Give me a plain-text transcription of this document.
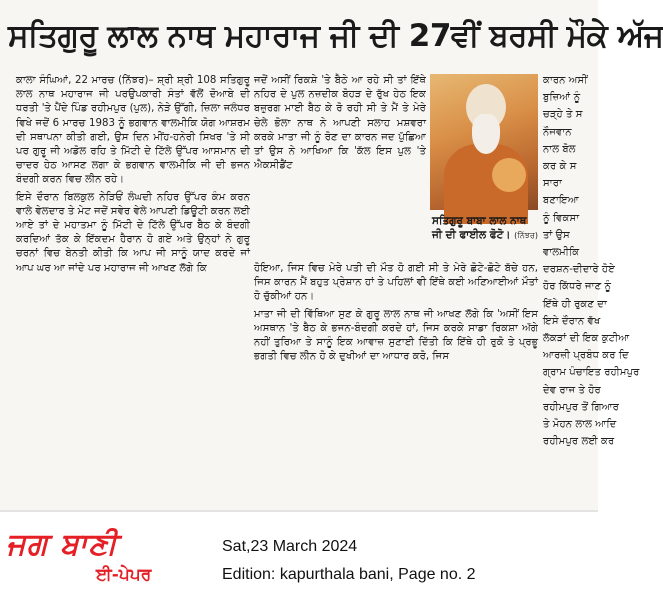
ਸਤਿਗੁਰੂ ਲਾਲ ਨਾਥ ਮਹਾਰਾਜ ਜੀ ਦੀ 27ਵੀਂ ਬਰਸੀ ਮੌਕੇ ਅੱਜ

ਕਾਲਾ ਸੰਘਿਆਂ, 22 ਮਾਰਚ (ਨਿੱਝਰ)– ਸ਼੍ਰੀ ਸ਼੍ਰੀ 108 ਸਤਿਗੁਰੂ ਲਾਲ ਨਾਥ ਮਹਾਰਾਜ ਜੀ ਪਰਉਪਕਾਰੀ ਸੰਤਾਂ ਵੱਲੋਂ ਦੋਆਬੇ ਦੀ ਧਰਤੀ 'ਤੇ ਪੈਂਦੇ ਪਿੰਡ ਰਹੀਮਪੁਰ (ਪੁਲ), ਨੇੜੇ ਉੱਗੀ, ਜ਼ਿਲਾ ਜਲੰਧਰ ਵਿਖੇ ਜਦੋਂ 6 ਮਾਰਚ 1983 ਨੂੰ ਭਗਵਾਨ ਵਾਲਮੀਕਿ ਯੋਗ ਆਸ਼ਰਮ ਦੀ ਸਥਾਪਨਾ ਕੀਤੀ ਗਈ, ਉਸ ਦਿਨ ਮੀਂਹ-ਹਨੇਰੀ ਸਿਖਰ 'ਤੇ ਸੀ ਪਰ ਗੁਰੂ ਜੀ ਅਡੋਲ ਰਹਿ ਤੇ ਮਿੱਟੀ ਦੇ ਟਿੱਲੇ ਉੱਪਰ ਆਸਮਾਨ ਦੀ ਚਾਦਰ ਹੇਠ ਆਸਣ ਲਗਾ ਕੇ ਭਗਵਾਨ ਵਾਲਮੀਕਿ ਜੀ ਦੀ ਭਜਨ ਬੰਦਗੀ ਕਰਨ ਵਿਚ ਲੀਨ ਰਹੇ।

ਇਸੇ ਦੌਰਾਨ ਬਿਲਕੁਲ ਨੇੜਿਓਂ ਲੰਘਦੀ ਨਹਿਰ ਉੱਪਰ ਕੰਮ ਕਰਨ ਵਾਲੇ ਵੇਲਦਾਰ ਤੇ ਮੇਟ ਜਦੋਂ ਸਵੇਰ ਵੇਲੇ ਆਪਣੀ ਡਿਊਟੀ ਕਰਨ ਲਈ ਆਏ ਤਾਂ ਦੇ ਮਹਾਤਮਾ ਨੂੰ ਮਿੱਟੀ ਦੇ ਟਿੱਲੇ ਉੱਪਰ ਬੈਠ ਕੇ ਬੰਦਗੀ ਕਰਦਿਆਂ ਤੱਕ ਕੇ ਇੱਕਦਮ ਹੈਰਾਨ ਹੋ ਗਏ ਅਤੇ ਉਨ੍ਹਾਂ ਨੇ ਗੁਰੂ ਚਰਨਾਂ ਵਿਚ ਬੇਨਤੀ ਕੀਤੀ ਕਿ ਆਪ ਜੀ ਸਾਨੂੰ ਯਾਦ ਕਰਦੇ ਜਾਂ ਆਪ ਘਰ ਆ ਜਾਂਦੇ ਪਰ ਮਹਾਰਾਜ ਜੀ ਆਖਣ ਲੱਗੇ ਕਿ

ਜਦੋਂ ਅਸੀਂ ਰਿਕਸ਼ੇ 'ਤੇ ਬੈਠੇ ਆ ਰਹੇ ਸੀ ਤਾਂ ਇੱਥੇ ਨਹਿਰ ਦੇ ਪੁਲ ਨਜ਼ਦੀਕ ਬੋਹੜ ਦੇ ਰੁੱਖ ਹੇਠ ਇਕ ਬਜ਼ੁਰਗ ਮਾਈ ਬੈਠ ਕੇ ਰੋ ਰਹੀ ਸੀ ਤੇ ਮੈਂ ਤੇ ਮੇਰੇ ਚੇਲੇ ਭੋਲਾ ਨਾਥ ਨੇ ਆਪਣੀ ਸਲਾਹ ਮਸ਼ਵਰਾ ਕਰਕੇ ਮਾਤਾ ਜੀ ਨੂੰ ਰੋਣ ਦਾ ਕਾਰਨ ਜਦ ਪੁੱਛਿਆ ਤਾਂ ਉਸ ਨੇ ਆਖਿਆ ਕਿ 'ਕੱਲ ਇਸ ਪੁਲ 'ਤੇ ਐਕਸੀਡੈਂਟ

ਸਤਿਗੁਰੂ ਬਾਬਾ ਲਾਲ ਨਾਥ ਜੀ ਦੀ ਫਾਈਲ ਫੋਟੋ। (ਨਿੱਝਰ)

ਹੋਇਆ, ਜਿਸ ਵਿਚ ਮੇਰੇ ਪਤੀ ਦੀ ਮੌਤ ਹੋ ਗਈ ਸੀ ਤੇ ਮੇਰੇ ਛੋਟੇ-ਛੋਟੇ ਬੱਚੇ ਹਨ, ਜਿਸ ਕਾਰਨ ਮੈਂ ਬਹੁਤ ਪ੍ਰੇਸ਼ਾਨ ਹਾਂ ਤੇ ਪਹਿਲਾਂ ਵੀ ਇੱਥੇ ਕਈ ਅਣਿਆਈਆਂ ਮੌਤਾਂ ਹੋ ਚੁੱਕੀਆਂ ਹਨ।

ਮਾਤਾ ਜੀ ਦੀ ਵਿੱਥਿਆ ਸੁਣ ਕੇ ਗੁਰੂ ਲਾਲ ਨਾਥ ਜੀ ਆਖਣ ਲੱਗੇ ਕਿ 'ਅਸੀਂ ਇਸ ਅਸਥਾਨ 'ਤੇ ਬੈਠ ਕੇ ਭਜਨ-ਬੰਦਗੀ ਕਰਦੇ ਹਾਂ, ਜਿਸ ਕਰਕੇ ਸਾਡਾ ਰਿਕਸ਼ਾ ਅੱਗੇ ਨਹੀਂ ਤੁਰਿਆ ਤੇ ਸਾਨੂੰ ਇਕ ਆਵਾਜ਼ ਸੁਣਾਈ ਦਿੱਤੀ ਕਿ ਇੱਥੇ ਹੀ ਰੁਕੋ ਤੇ ਪ੍ਰਭੂ ਭਗਤੀ ਵਿਚ ਲੀਨ ਹੋ ਕੇ ਦੁਖੀਆਂ ਦਾ ਆਧਾਰ ਕਰੋ, ਜਿਸ

ਕਾਰਨ ਅਸੀਂ

ਬੁਜ਼ਿਆਂ ਨੂੰ

ਚੜ੍ਹੇ ਤੇ ਸ

ਨੌਜਵਾਨ

ਨਾਲ ਬੋਲ

ਕਰ ਕੇ ਸ

ਸਾਰਾ

ਬਣਾਇਆ

ਨੂੰ ਵਿਕਸਾ

ਤਾਂ ਉਸ

ਵਾਲਮੀਕਿ

ਦਰਸ਼ਨ-ਦੀਦਾਰੇ ਹੋਏ

ਹੋਰ ਕਿੱਧਰੇ ਜਾਣ ਨੂੰ

ਇੱਥੇ ਹੀ ਰੁਕਣ ਦਾ

ਇਸੇ ਦੌਰਾਨ ਵੱਖ

ਲੱਕੜਾਂ ਦੀ ਇਕ ਕੁਟੀਆ

ਆਰਜ਼ੀ ਪ੍ਰਬੰਧ ਕਰ ਦਿ

ਗ੍ਰਾਮ ਪੰਚਾਇਤ ਰਹੀਮਪੁਰ

ਦੇਵ ਰਾਜ ਤੇ ਹੋਰ

ਰਹੀਮਪੁਰ ਤੋਂ ਗਿਆਰ

ਤੇ ਮੋਹਨ ਲਾਲ ਆਦਿ

ਰਹੀਮਪੁਰ ਲਈ ਕਰ

ਜਗ ਬਾਣੀ
ਈ-ਪੇਪਰ
Sat,23 March 2024
Edition: kapurthala bani, Page no. 2
